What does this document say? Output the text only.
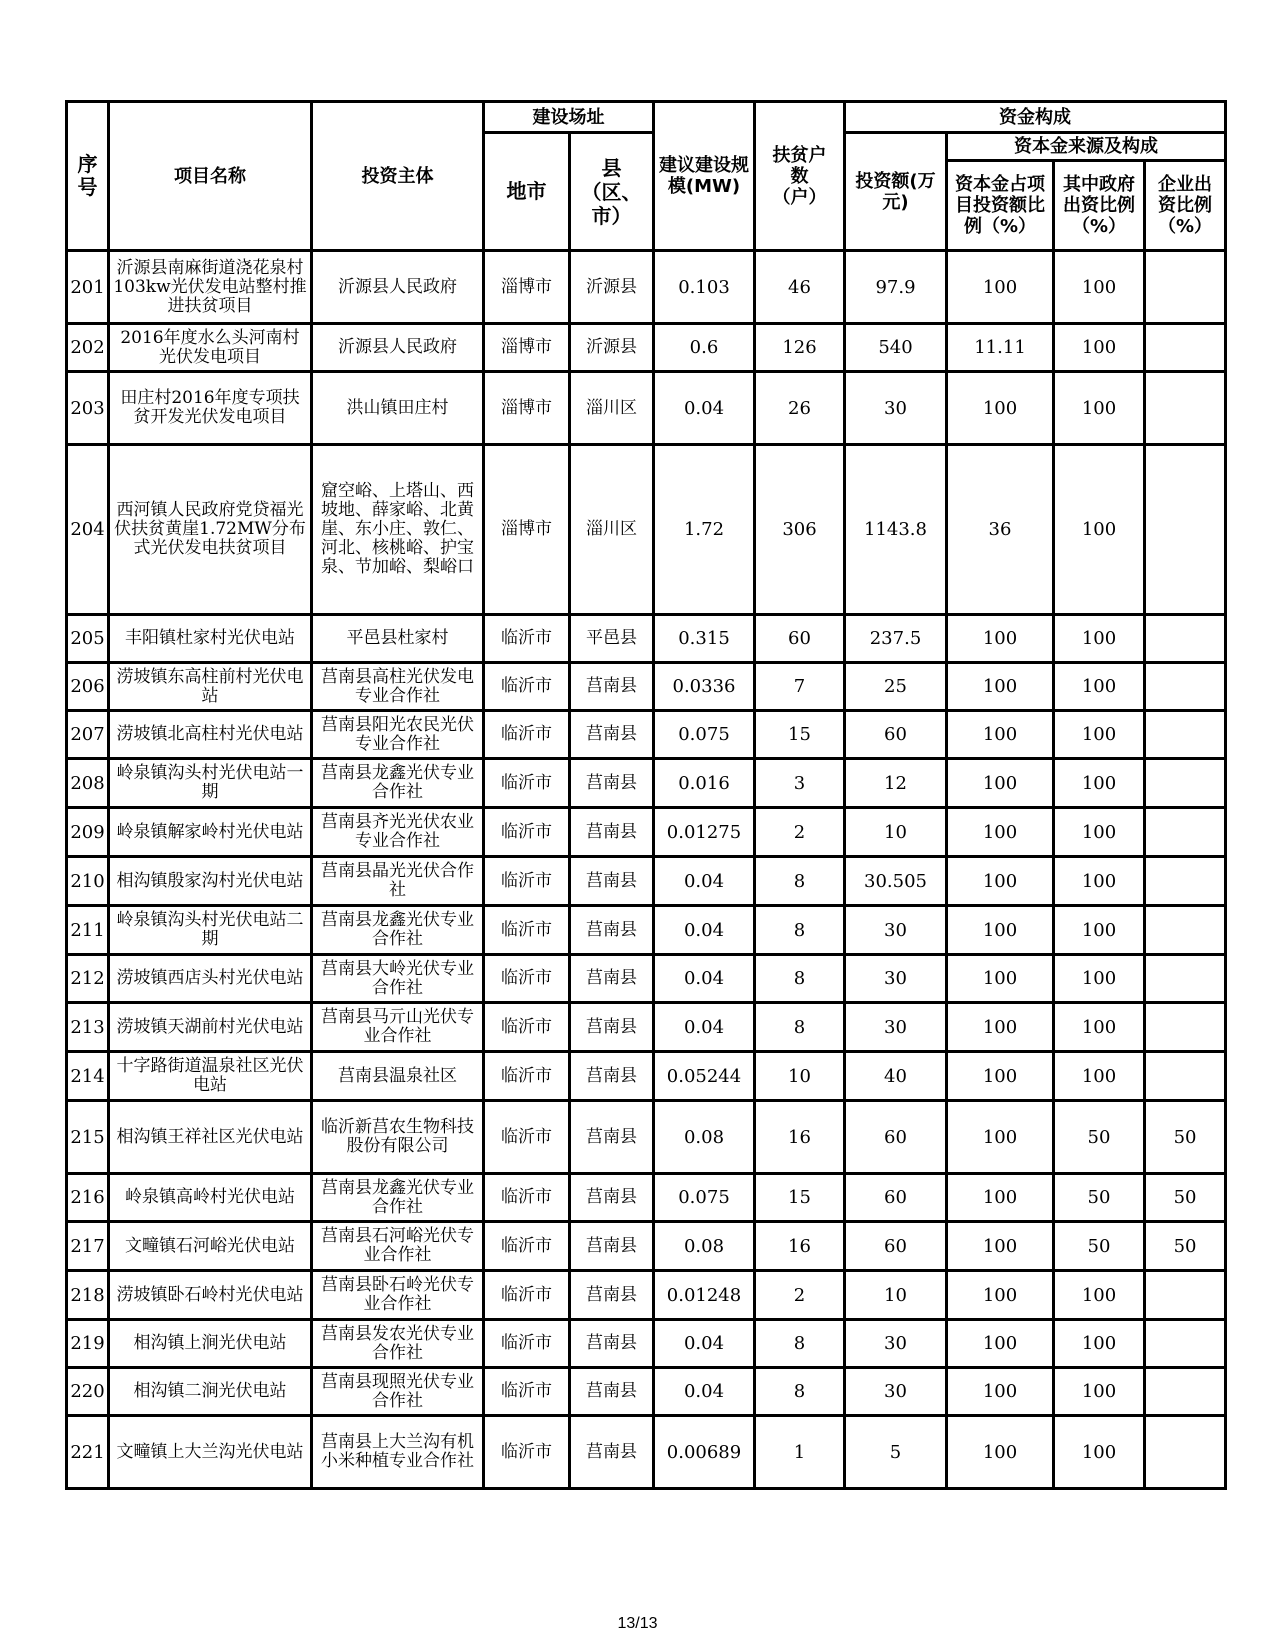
序号	项目名称	投资主体	建设场址		建议建设规模(MW)	扶贫户数（户）	资金构成			
			地市	县（区、市）			投资额(万元)	资本金来源及构成		
								资本金占项目投资额比例（%）	其中政府出资比例（%）	企业出资比例（%）
201	沂源县南麻街道浇花泉村103kw光伏发电站整村推进扶贫项目	沂源县人民政府	淄博市	沂源县	0.103	46	97.9	100	100	
202	2016年度水么头河南村光伏发电项目	沂源县人民政府	淄博市	沂源县	0.6	126	540	11.11	100	
203	田庄村2016年度专项扶贫开发光伏发电项目	洪山镇田庄村	淄博市	淄川区	0.04	26	30	100	100	
204	西河镇人民政府党贷福光伏扶贫黄崖1.72MW分布式光伏发电扶贫项目	窟空峪、上塔山、西坡地、薛家峪、北黄崖、东小庄、敦仁、河北、核桃峪、护宝泉、节加峪、梨峪口	淄博市	淄川区	1.72	306	1143.8	36	100	
205	丰阳镇杜家村光伏电站	平邑县杜家村	临沂市	平邑县	0.315	60	237.5	100	100	
206	涝坡镇东高柱前村光伏电站	莒南县高柱光伏发电专业合作社	临沂市	莒南县	0.0336	7	25	100	100	
207	涝坡镇北高柱村光伏电站	莒南县阳光农民光伏专业合作社	临沂市	莒南县	0.075	15	60	100	100	
208	岭泉镇沟头村光伏电站一期	莒南县龙鑫光伏专业合作社	临沂市	莒南县	0.016	3	12	100	100	
209	岭泉镇解家岭村光伏电站	莒南县齐光光伏农业专业合作社	临沂市	莒南县	0.01275	2	10	100	100	
210	相沟镇殷家沟村光伏电站	莒南县晶光光伏合作社	临沂市	莒南县	0.04	8	30.505	100	100	
211	岭泉镇沟头村光伏电站二期	莒南县龙鑫光伏专业合作社	临沂市	莒南县	0.04	8	30	100	100	
212	涝坡镇西店头村光伏电站	莒南县大岭光伏专业合作社	临沂市	莒南县	0.04	8	30	100	100	
213	涝坡镇天湖前村光伏电站	莒南县马亓山光伏专业合作社	临沂市	莒南县	0.04	8	30	100	100	
214	十字路街道温泉社区光伏电站	莒南县温泉社区	临沂市	莒南县	0.05244	10	40	100	100	
215	相沟镇王祥社区光伏电站	临沂新莒农生物科技股份有限公司	临沂市	莒南县	0.08	16	60	100	50	50
216	岭泉镇高岭村光伏电站	莒南县龙鑫光伏专业合作社	临沂市	莒南县	0.075	15	60	100	50	50
217	文疃镇石河峪光伏电站	莒南县石河峪光伏专业合作社	临沂市	莒南县	0.08	16	60	100	50	50
218	涝坡镇卧石岭村光伏电站	莒南县卧石岭光伏专业合作社	临沂市	莒南县	0.01248	2	10	100	100	
219	相沟镇上涧光伏电站	莒南县发农光伏专业合作社	临沂市	莒南县	0.04	8	30	100	100	
220	相沟镇二涧光伏电站	莒南县现照光伏专业合作社	临沂市	莒南县	0.04	8	30	100	100	
221	文疃镇上大兰沟光伏电站	莒南县上大兰沟有机小米种植专业合作社	临沂市	莒南县	0.00689	1	5	100	100	
13/13
